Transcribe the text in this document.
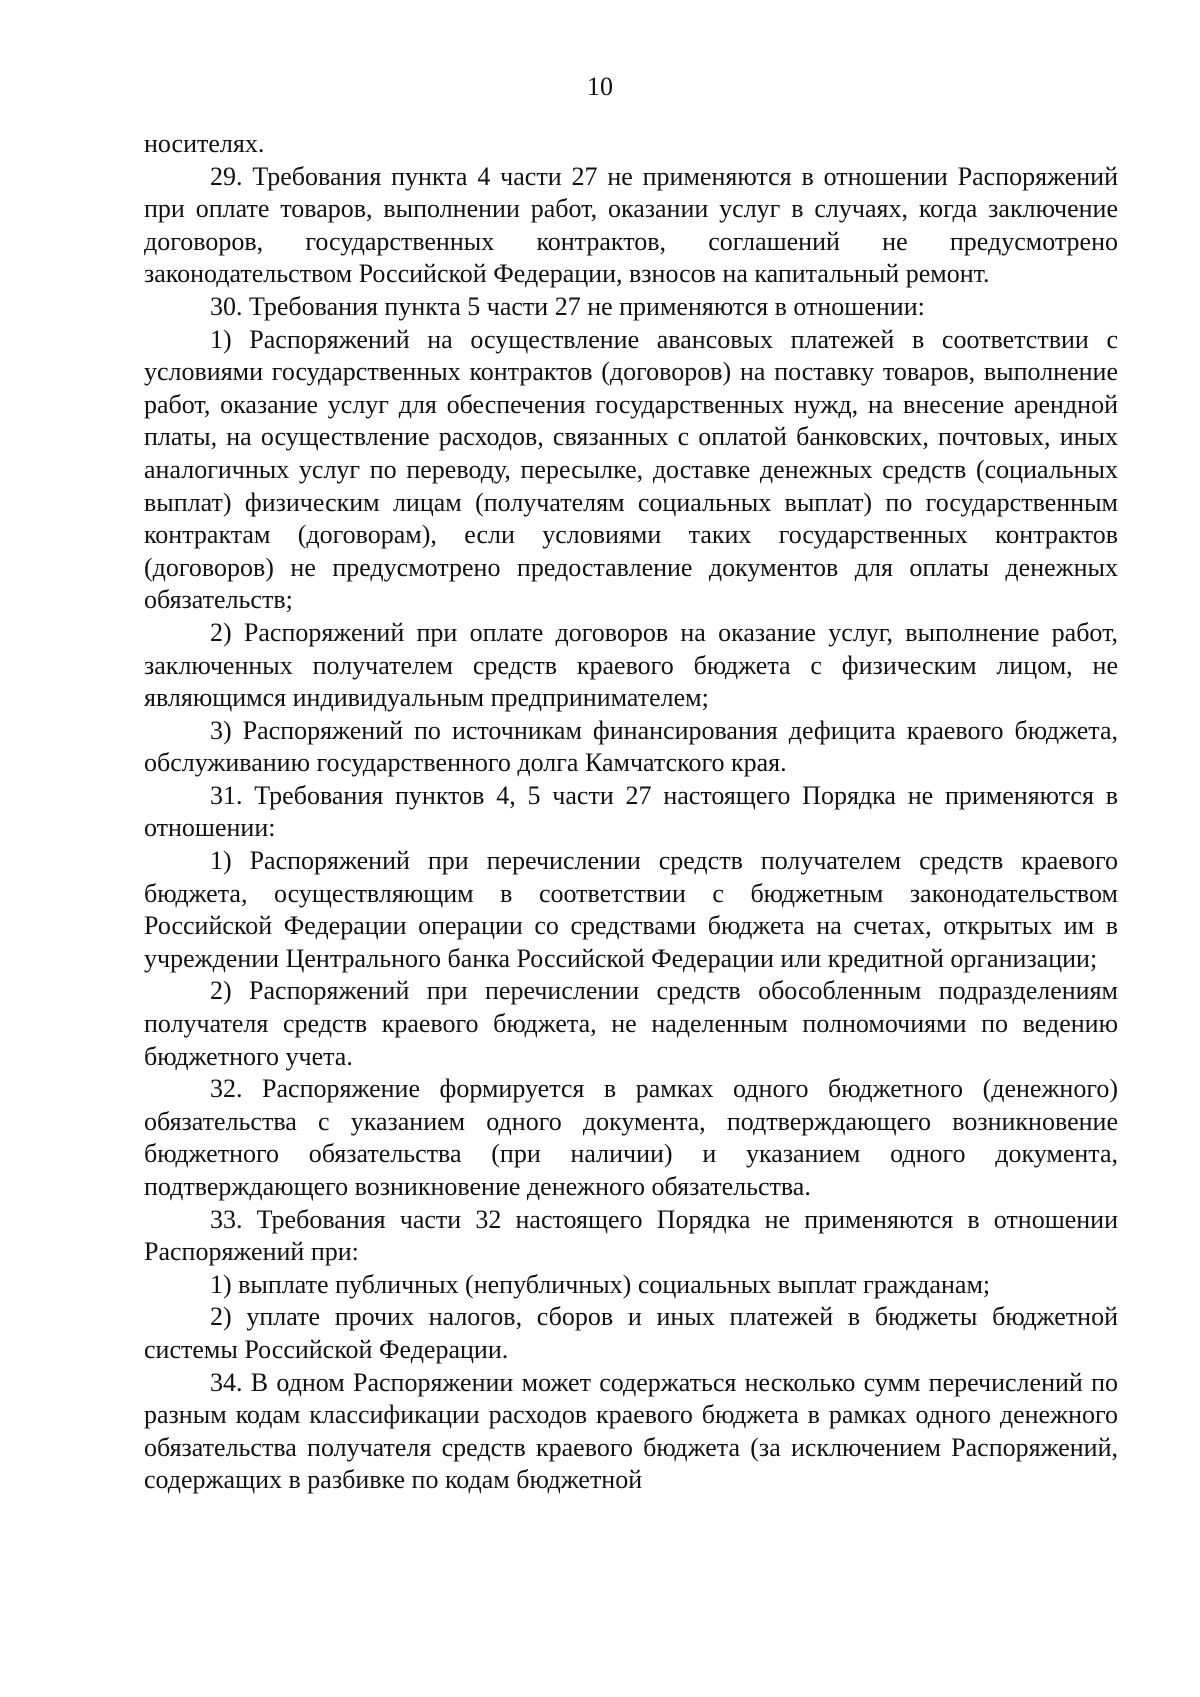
10

носителях.

29. Требования пункта 4 части 27 не применяются в отношении Распоряжений при оплате товаров, выполнении работ, оказании услуг в случаях, когда заключение договоров, государственных контрактов, соглашений не предусмотрено законодательством Российской Федерации, взносов на капитальный ремонт.

30. Требования пункта 5 части 27 не применяются в отношении:

1) Распоряжений на осуществление авансовых платежей в соответствии с условиями государственных контрактов (договоров) на поставку товаров, выполнение работ, оказание услуг для обеспечения государственных нужд, на внесение арендной платы, на осуществление расходов, связанных с оплатой банковских, почтовых, иных аналогичных услуг по переводу, пересылке, доставке денежных средств (социальных выплат) физическим лицам (получателям социальных выплат) по государственным контрактам (договорам), если условиями таких государственных контрактов (договоров) не предусмотрено предоставление документов для оплаты денежных обязательств;

2) Распоряжений при оплате договоров на оказание услуг, выполнение работ, заключенных получателем средств краевого бюджета с физическим лицом, не являющимся индивидуальным предпринимателем;

3) Распоряжений по источникам финансирования дефицита краевого бюджета, обслуживанию государственного долга Камчатского края.

31. Требования пунктов 4, 5 части 27 настоящего Порядка не применяются в отношении:

1) Распоряжений при перечислении средств получателем средств краевого бюджета, осуществляющим в соответствии с бюджетным законодательством Российской Федерации операции со средствами бюджета на счетах, открытых им в учреждении Центрального банка Российской Федерации или кредитной организации;

2) Распоряжений при перечислении средств обособленным подразделениям получателя средств краевого бюджета, не наделенным полномочиями по ведению бюджетного учета.

32. Распоряжение формируется в рамках одного бюджетного (денежного) обязательства с указанием одного документа, подтверждающего возникновение бюджетного обязательства (при наличии) и указанием одного документа, подтверждающего возникновение денежного обязательства.

33. Требования части 32 настоящего Порядка не применяются в отношении Распоряжений при:

1) выплате публичных (непубличных) социальных выплат гражданам;

2) уплате прочих налогов, сборов и иных платежей в бюджеты бюджетной системы Российской Федерации.

34. В одном Распоряжении может содержаться несколько сумм перечислений по разным кодам классификации расходов краевого бюджета в рамках одного денежного обязательства получателя средств краевого бюджета (за исключением Распоряжений, содержащих в разбивке по кодам бюджетной
